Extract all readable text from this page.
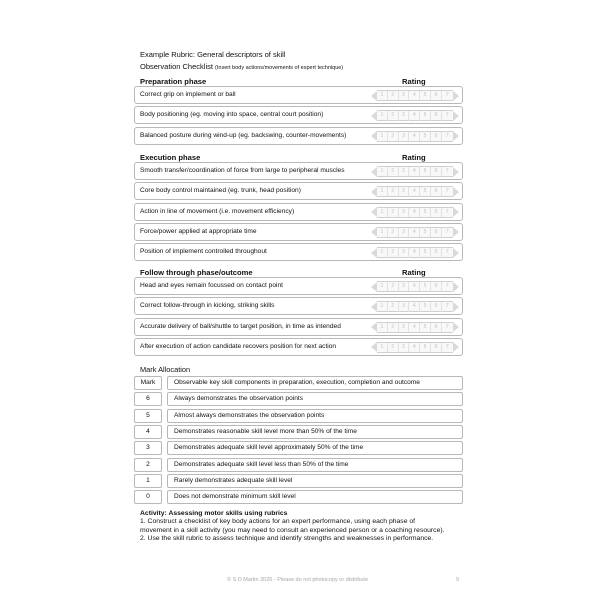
Example Rubric: General descriptors of skill
Observation Checklist (Insert body actions/movements of expert technique)
Preparation phase	Rating
Correct grip on implement or ball	1	2	3	4	5	6	7
Body positioning (eg. moving into space, central court position)	1	2	3	4	5	6	7
Balanced posture during wind-up (eg. backswing, counter-movements)	1	2	3	4	5	6	7
Execution phase	Rating
Smooth transfer/coordination of force from large to peripheral muscles	1	2	3	4	5	6	7
Core body control maintained (eg. trunk, head position)	1	2	3	4	5	6	7
Action in line of movement (i.e. movement efficiency)	1	2	3	4	5	6	7
Force/power applied at appropriate time	1	2	3	4	5	6	7
Position of implement controlled throughout	1	2	3	4	5	6	7
Follow through phase/outcome	Rating
Head and eyes remain focussed on contact point	1	2	3	4	5	6	7
Correct follow-through in kicking, striking skills	1	2	3	4	5	6	7
Accurate delivery of ball/shuttle to target position, in time as intended	1	2	3	4	5	6	7
After execution of action candidate recovers position for next action	1	2	3	4	5	6	7
Mark Allocation
Mark	Observable key skill components in preparation, execution, completion and outcome
6	Always demonstrates the observation points
5	Almost always demonstrates the observation points
4	Demonstrates reasonable skill level more than 50% of the time
3	Demonstrates adequate skill level approximately 50% of the time
2	Demonstrates adequate skill level less than 50% of the time
1	Rarely demonstrates adequate skill level
0	Does not demonstrate minimum skill level
Activity: Assessing motor skills using rubrics
1. Construct a checklist of key body actions for an expert performance, using each phase of
movement in a skill activity (you may need to consult an experienced person or a coaching resource).
2. Use the skill rubric to assess technique and identify strengths and weaknesses in performance.
© S D Martin 2026 - Please do not photocopy or distribute	9
